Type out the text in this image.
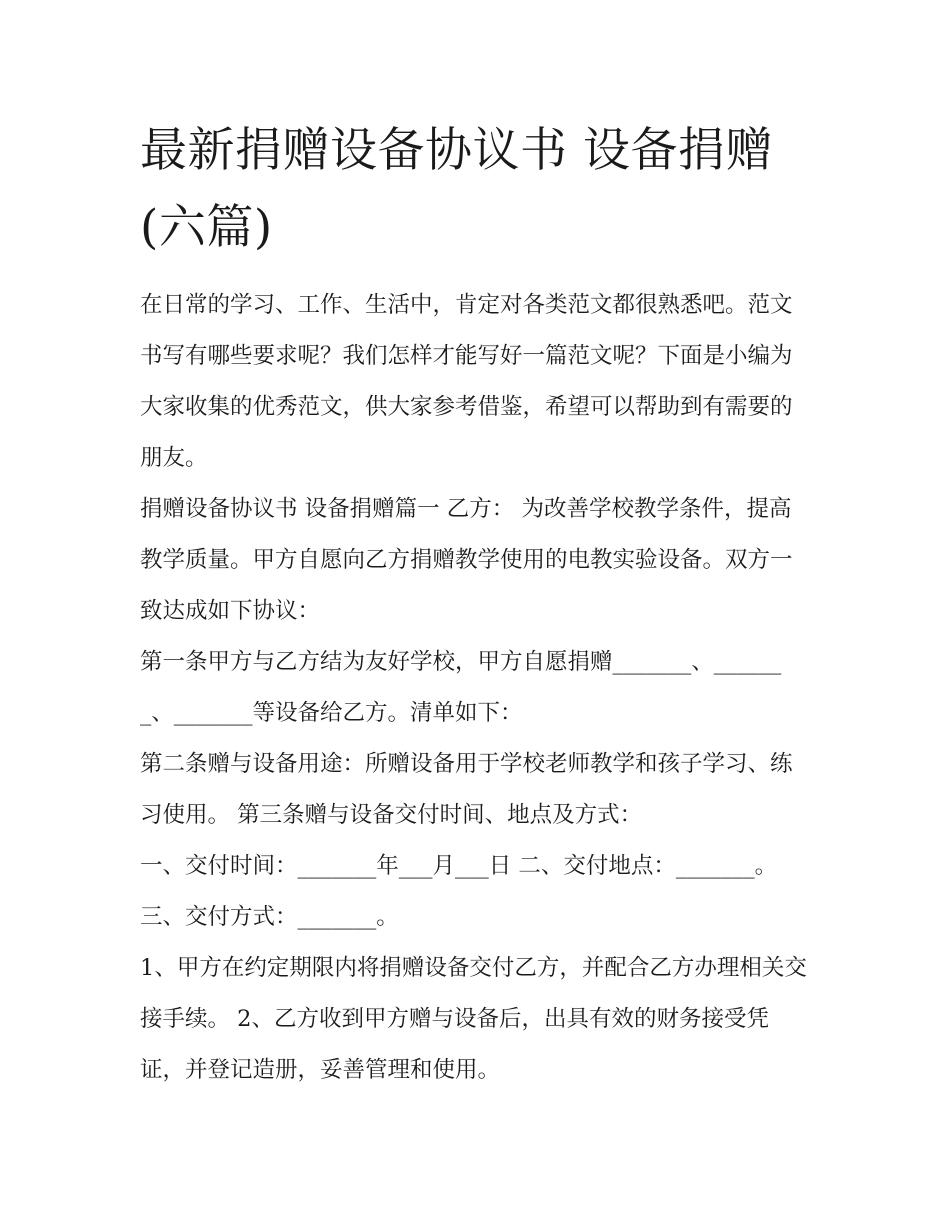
最新捐赠设备协议书 设备捐赠(六篇)

在日常的学习、工作、生活中，肯定对各类范文都很熟悉吧。范文书写有哪些要求呢？我们怎样才能写好一篇范文呢？下面是小编为大家收集的优秀范文，供大家参考借鉴，希望可以帮助到有需要的朋友。

捐赠设备协议书 设备捐赠篇一 乙方： 为改善学校教学条件，提高教学质量。甲方自愿向乙方捐赠教学使用的电教实验设备。双方一致达成如下协议：

第一条甲方与乙方结为友好学校，甲方自愿捐赠_______、_______、_______等设备给乙方。清单如下：

第二条赠与设备用途：所赠设备用于学校老师教学和孩子学习、练习使用。 第三条赠与设备交付时间、地点及方式：

一、交付时间：_______年___月___日 二、交付地点：_______。 三、交付方式：_______。

1、甲方在约定期限内将捐赠设备交付乙方，并配合乙方办理相关交接手续。 2、乙方收到甲方赠与设备后，出具有效的财务接受凭证，并登记造册，妥善管理和使用。
